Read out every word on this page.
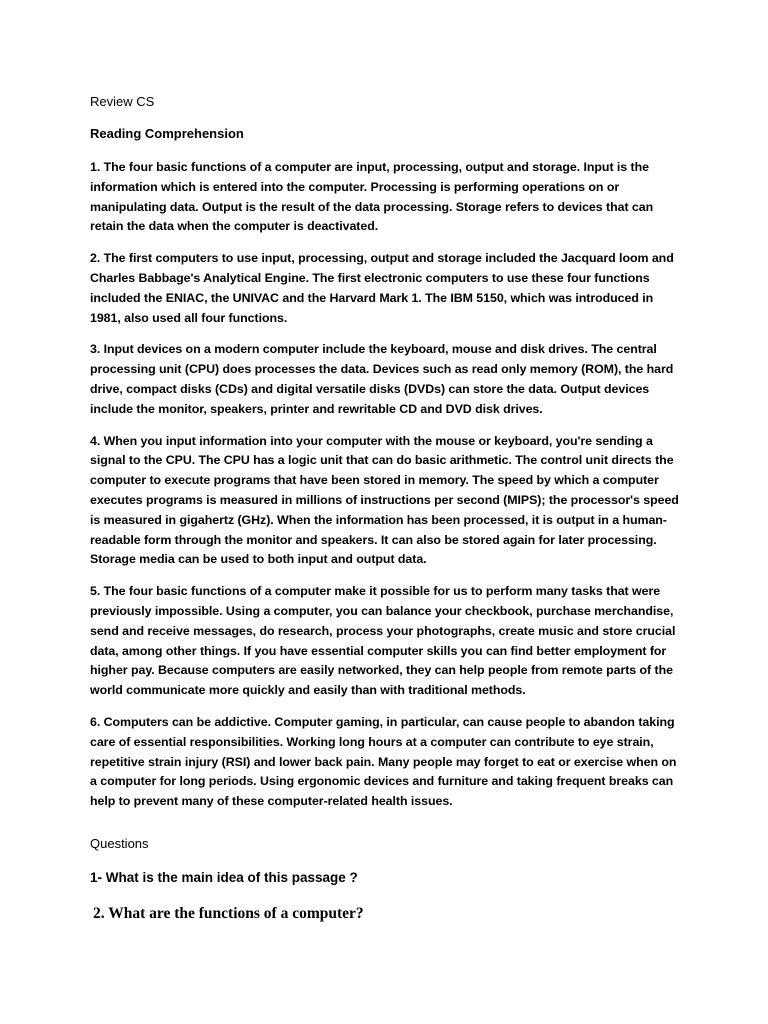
Review CS

Reading Comprehension

1. The four basic functions of a computer are input, processing, output and storage. Input is the information which is entered into the computer. Processing is performing operations on or manipulating data. Output is the result of the data processing. Storage refers to devices that can retain the data when the computer is deactivated.

2. The first computers to use input, processing, output and storage included the Jacquard loom and Charles Babbage's Analytical Engine. The first electronic computers to use these four functions included the ENIAC, the UNIVAC and the Harvard Mark 1. The IBM 5150, which was introduced in 1981, also used all four functions.

3. Input devices on a modern computer include the keyboard, mouse and disk drives. The central processing unit (CPU) does processes the data. Devices such as read only memory (ROM), the hard drive, compact disks (CDs) and digital versatile disks (DVDs) can store the data. Output devices include the monitor, speakers, printer and rewritable CD and DVD disk drives.

4. When you input information into your computer with the mouse or keyboard, you're sending a signal to the CPU. The CPU has a logic unit that can do basic arithmetic. The control unit directs the computer to execute programs that have been stored in memory. The speed by which a computer executes programs is measured in millions of instructions per second (MIPS); the processor's speed is measured in gigahertz (GHz). When the information has been processed, it is output in a human-readable form through the monitor and speakers. It can also be stored again for later processing. Storage media can be used to both input and output data.

5. The four basic functions of a computer make it possible for us to perform many tasks that were previously impossible. Using a computer, you can balance your checkbook, purchase merchandise, send and receive messages, do research, process your photographs, create music and store crucial data, among other things. If you have essential computer skills you can find better employment for higher pay. Because computers are easily networked, they can help people from remote parts of the world communicate more quickly and easily than with traditional methods.

6. Computers can be addictive. Computer gaming, in particular, can cause people to abandon taking care of essential responsibilities. Working long hours at a computer can contribute to eye strain, repetitive strain injury (RSI) and lower back pain. Many people may forget to eat or exercise when on a computer for long periods. Using ergonomic devices and furniture and taking frequent breaks can help to prevent many of these computer-related health issues.

Questions

1- What is the main idea of this passage ?

2. What are the functions of a computer?
